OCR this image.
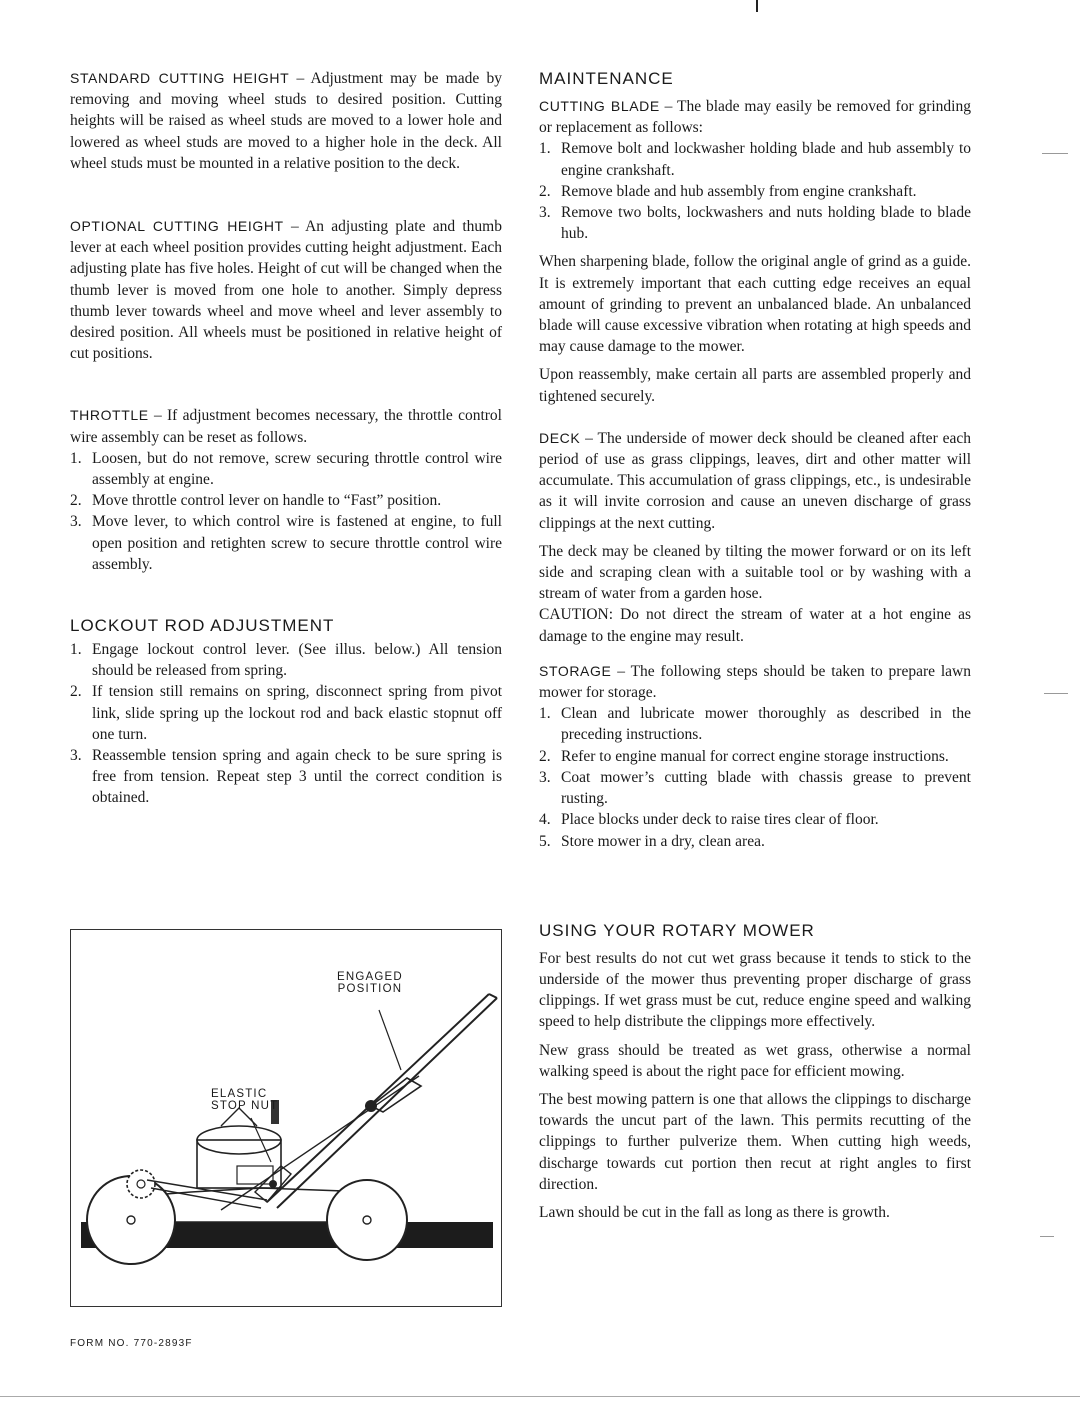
STANDARD CUTTING HEIGHT – Adjustment may be made by removing and moving wheel studs to desired position. Cutting heights will be raised as wheel studs are moved to a lower hole and lowered as wheel studs are moved to a higher hole in the deck. All wheel studs must be mounted in a relative position to the deck.

OPTIONAL CUTTING HEIGHT – An adjusting plate and thumb lever at each wheel position provides cutting height adjustment. Each adjusting plate has five holes. Height of cut will be changed when the thumb lever is moved from one hole to another. Simply depress thumb lever towards wheel and move wheel and lever assembly to desired position. All wheels must be positioned in relative height of cut positions.

THROTTLE – If adjustment becomes necessary, the throttle control wire assembly can be reset as follows.

1. Loosen, but do not remove, screw securing throttle control wire assembly at engine.
2. Move throttle control lever on handle to “Fast” position.
3. Move lever, to which control wire is fastened at engine, to full open position and retighten screw to secure throttle control wire assembly.
LOCKOUT ROD ADJUSTMENT
1. Engage lockout control lever. (See illus. below.) All tension should be released from spring.
2. If tension still remains on spring, disconnect spring from pivot link, slide spring up the lockout rod and back elastic stopnut off one turn.
3. Reassemble tension spring and again check to be sure spring is free from tension. Repeat step 3 until the correct condition is obtained.
ENGAGED
POSITION
ELASTIC
STOP NUT
FORM NO. 770-2893F
MAINTENANCE

CUTTING BLADE – The blade may easily be removed for grinding or replacement as follows:

1. Remove bolt and lockwasher holding blade and hub assembly to engine crankshaft.
2. Remove blade and hub assembly from engine crankshaft.
3. Remove two bolts, lockwashers and nuts holding blade to blade hub.

When sharpening blade, follow the original angle of grind as a guide. It is extremely important that each cutting edge receives an equal amount of grinding to prevent an unbalanced blade. An unbalanced blade will cause excessive vibration when rotating at high speeds and may cause damage to the mower.

Upon reassembly, make certain all parts are assembled properly and tightened securely.

DECK – The underside of mower deck should be cleaned after each period of use as grass clippings, leaves, dirt and other matter will accumulate. This accumulation of grass clippings, etc., is undesirable as it will invite corrosion and cause an uneven discharge of grass clippings at the next cutting.

The deck may be cleaned by tilting the mower forward or on its left side and scraping clean with a suitable tool or by washing with a stream of water from a garden hose.

CAUTION: Do not direct the stream of water at a hot engine as damage to the engine may result.

STORAGE – The following steps should be taken to prepare lawn mower for storage.

1. Clean and lubricate mower thoroughly as described in the preceding instructions.
2. Refer to engine manual for correct engine storage instructions.
3. Coat mower’s cutting blade with chassis grease to prevent rusting.
4. Place blocks under deck to raise tires clear of floor.
5. Store mower in a dry, clean area.
USING YOUR ROTARY MOWER

For best results do not cut wet grass because it tends to stick to the underside of the mower thus preventing proper discharge of grass clippings. If wet grass must be cut, reduce engine speed and walking speed to help distribute the clippings more effectively.

New grass should be treated as wet grass, otherwise a normal walking speed is about the right pace for efficient mowing.

The best mowing pattern is one that allows the clippings to discharge towards the uncut part of the lawn. This permits recutting of the clippings to further pulverize them. When cutting high weeds, discharge towards cut portion then recut at right angles to first direction.

Lawn should be cut in the fall as long as there is growth.
